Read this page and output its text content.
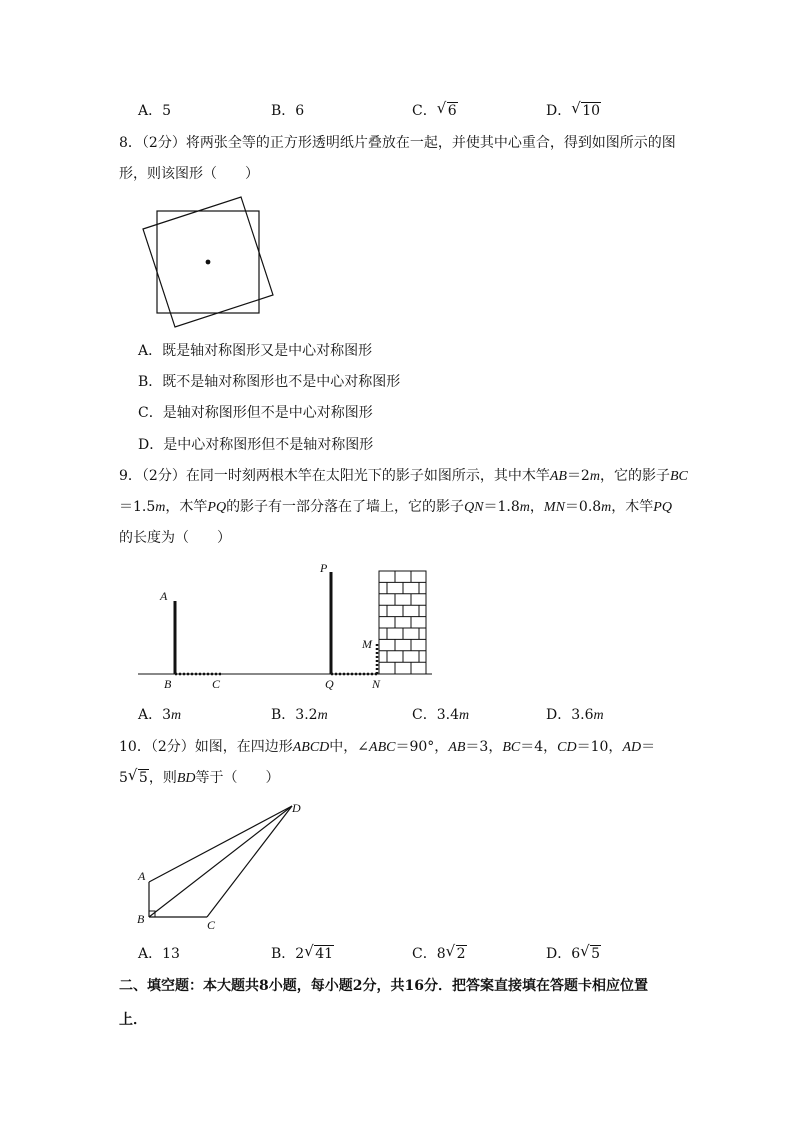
A．5	B．6	C． √ 6	D． √ 10
8．（2分）将两张全等的正方形透明纸片叠放在一起，并使其中心重合，得到如图所示的图
形，则该图形（　　）
A．既是轴对称图形又是中心对称图形
B．既不是轴对称图形也不是中心对称图形
C．是轴对称图形但不是中心对称图形
D．是中心对称图形但不是轴对称图形
9．（2分）在同一时刻两根木竿在太阳光下的影子如图所示，其中木竿AB＝2m，它的影子BC
＝1.5m，木竿PQ的影子有一部分落在了墙上，它的影子QN＝1.8m，MN＝0.8m，木竿PQ
的长度为（　　）
A
B	C
P
Q
M
N
A．3m	B．3.2m	C．3.4m	D．3.6m
10．（2分）如图，在四边形ABCD中，∠ABC＝90°，AB＝3，BC＝4，CD＝10，AD＝
5 √ 5，则BD等于（　　）
A
B	C
D
A．13	B．2 √ 41	C．8 √ 2	D．6 √ 5
二、填空题：本大题共8小题，每小题2分，共16分．把答案直接填在答题卡相应位置
上．
